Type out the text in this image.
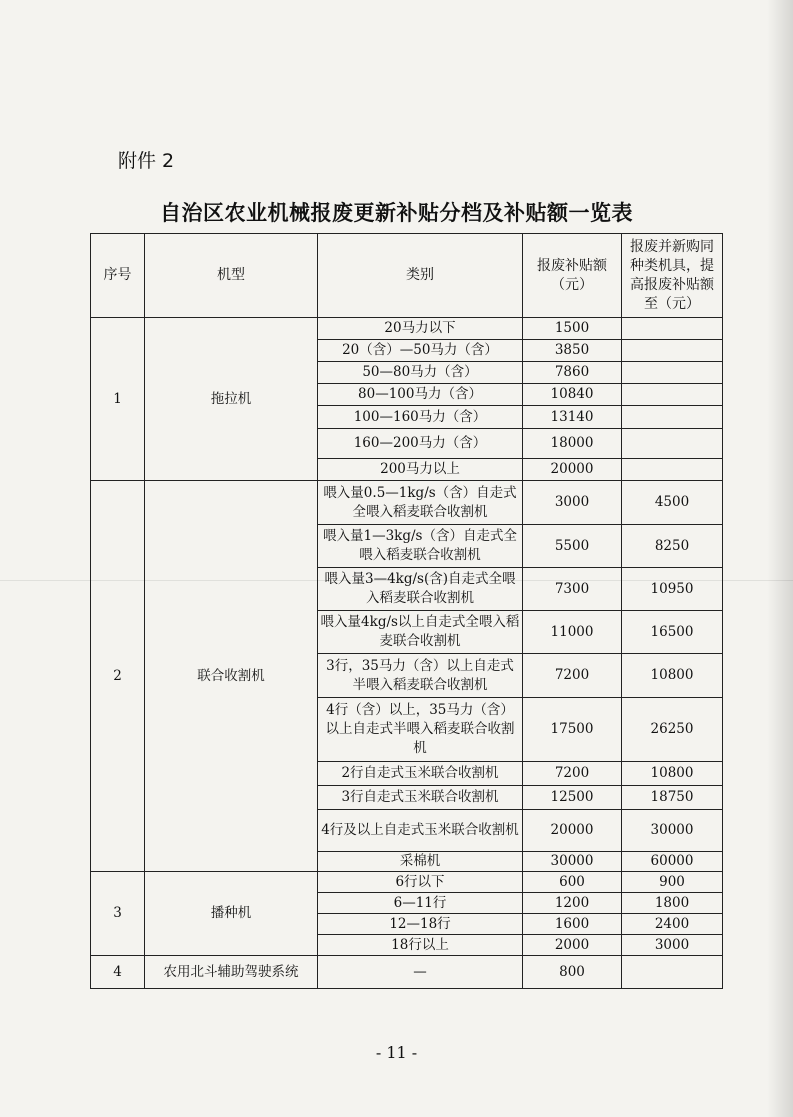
附件 2
自治区农业机械报废更新补贴分档及补贴额一览表
序号	机型	类别	报废补贴额（元）	报废并新购同种类机具，提高报废补贴额至（元）
1	拖拉机	20马力以下	1500	
		20（含）—50马力（含）	3850	
		50—80马力（含）	7860	
		80—100马力（含）	10840	
		100—160马力（含）	13140	
		160—200马力（含）	18000	
		200马力以上	20000	
2	联合收割机	喂入量0.5—1kg/s（含）自走式全喂入稻麦联合收割机	3000	4500
		喂入量1—3kg/s（含）自走式全喂入稻麦联合收割机	5500	8250
		喂入量3—4kg/s(含)自走式全喂入稻麦联合收割机	7300	10950
		喂入量4kg/s以上自走式全喂入稻麦联合收割机	11000	16500
		3行，35马力（含）以上自走式半喂入稻麦联合收割机	7200	10800
		4行（含）以上，35马力（含）以上自走式半喂入稻麦联合收割机	17500	26250
		2行自走式玉米联合收割机	7200	10800
		3行自走式玉米联合收割机	12500	18750
		4行及以上自走式玉米联合收割机	20000	30000
		采棉机	30000	60000
3	播种机	6行以下	600	900
		6—11行	1200	1800
		12—18行	1600	2400
		18行以上	2000	3000
4	农用北斗辅助驾驶系统	—	800	
- 11 -
